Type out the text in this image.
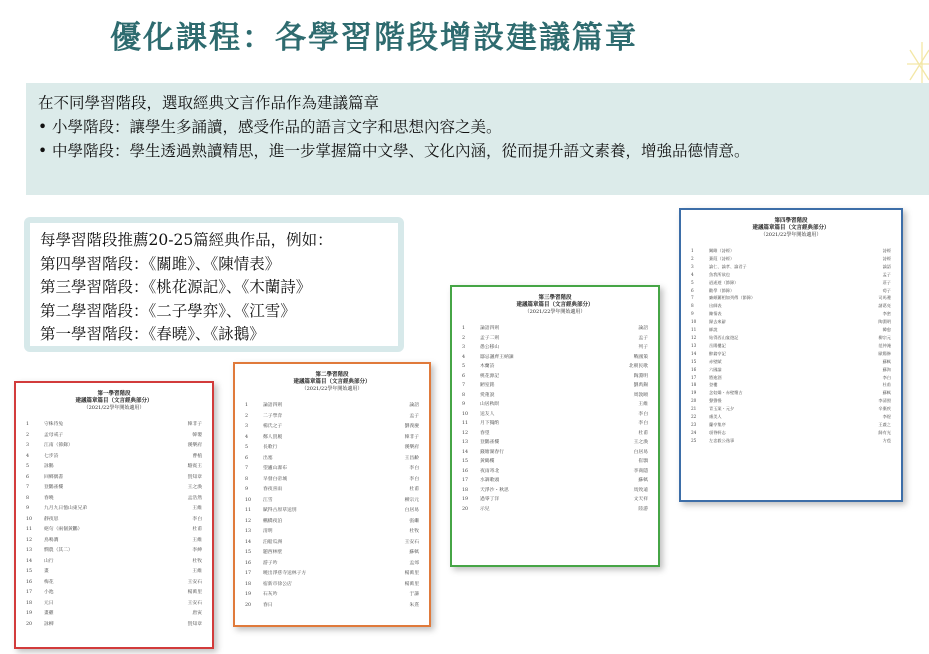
優化課程：各學習階段增設建議篇章
在不同學習階段，選取經典文言作品作為建議篇章
• 小學階段：讓學生多誦讀，感受作品的語言文字和思想內容之美。
• 中學階段：學生透過熟讀精思，進一步掌握篇中文學、文化內涵，從而提升語文素養，增強品德情意。
每學習階段推薦20-25篇經典作品，例如：
第四學習階段：《關雎》、《陳情表》
第三學習階段：《桃花源記》、《木蘭詩》
第二學習階段：《二子學弈》、《江雪》
第一學習階段：《春曉》、《詠鵝》
第一學習階段
建議篇章篇目（文言經典部分）
（2021/22學年開始適用）
1	守株待兔	韓非子
2	孟母戒子	韓嬰
3	江南（節錄）	漢樂府
4	七步詩	曹植
5	詠鵝	駱賓王
6	回鄉偶書	賀知章
7	登鸛雀樓	王之渙
8	春曉	孟浩然
9	九月九日憶山東兄弟	王維
10	靜夜思	李白
11	絕句（兩個黃鸝）	杜甫
12	鳥鳴澗	王維
13	憫農（其二）	李紳
14	山行	杜牧
15	畫	王維
16	梅花	王安石
17	小池	楊萬里
18	元日	王安石
19	畫雞	唐寅
20	詠柳	賀知章
第二學習階段
建議篇章篇目（文言經典部分）
（2021/22學年開始適用）
1	論語四則	論語
2	二子學弈	孟子
3	楊氏之子	劉義慶
4	鄭人買履	韓非子
5	長歌行	漢樂府
6	出塞	王昌齡
7	望廬山瀑布	李白
8	早發白帝城	李白
9	春夜喜雨	杜甫
10	江雪	柳宗元
11	賦得古原草送別	白居易
12	楓橋夜泊	張繼
13	清明	杜牧
14	泊船瓜洲	王安石
15	題西林壁	蘇軾
16	游子吟	孟郊
17	曉出淨慈寺送林子方	楊萬里
18	宿新市徐公店	楊萬里
19	石灰吟	于謙
20	春日	朱熹
第三學習階段
建議篇章篇目（文言經典部分）
（2021/22學年開始適用）
1	論語四則	論語
2	孟子二則	孟子
3	愚公移山	列子
4	鄒忌諷齊王納諫	戰國策
5	木蘭詩	北朝民歌
6	桃花源記	陶淵明
7	陋室銘	劉禹錫
8	愛蓮說	周敦頤
9	山居秋暝	王維
10	送友人	李白
11	月下獨酌	李白
12	春望	杜甫
13	登鸛雀樓	王之渙
14	錢塘湖春行	白居易
15	黃鶴樓	崔顥
16	夜雨寄北	李商隱
17	水調歌頭	蘇軾
18	天淨沙・秋思	馬致遠
19	過零丁洋	文天祥
20	示兒	陸游
第四學習階段
建議篇章篇目（文言經典部分）
（2021/22學年開始適用）
1	關雎（詩經）	詩經
2	蒹葭（詩經）	詩經
3	論仁、論孝、論君子	論語
4	魚我所欲也	孟子
5	逍遙遊（節錄）	莊子
6	勸學（節錄）	荀子
7	廉頗藺相如列傳（節錄）	司馬遷
8	出師表	諸葛亮
9	陳情表	李密
10	歸去來辭	陶淵明
11	師說	韓愈
12	始得西山宴遊記	柳宗元
13	岳陽樓記	范仲淹
14	醉翁亭記	歐陽修
15	赤壁賦	蘇軾
16	六國論	蘇洵
17	將進酒	李白
18	登樓	杜甫
19	念奴嬌・赤壁懷古	蘇軾
20	聲聲慢	李清照
21	青玉案・元夕	辛棄疾
22	虞美人	李煜
23	蘭亭集序	王羲之
24	項脊軒志	歸有光
25	左忠毅公逸事	方苞
